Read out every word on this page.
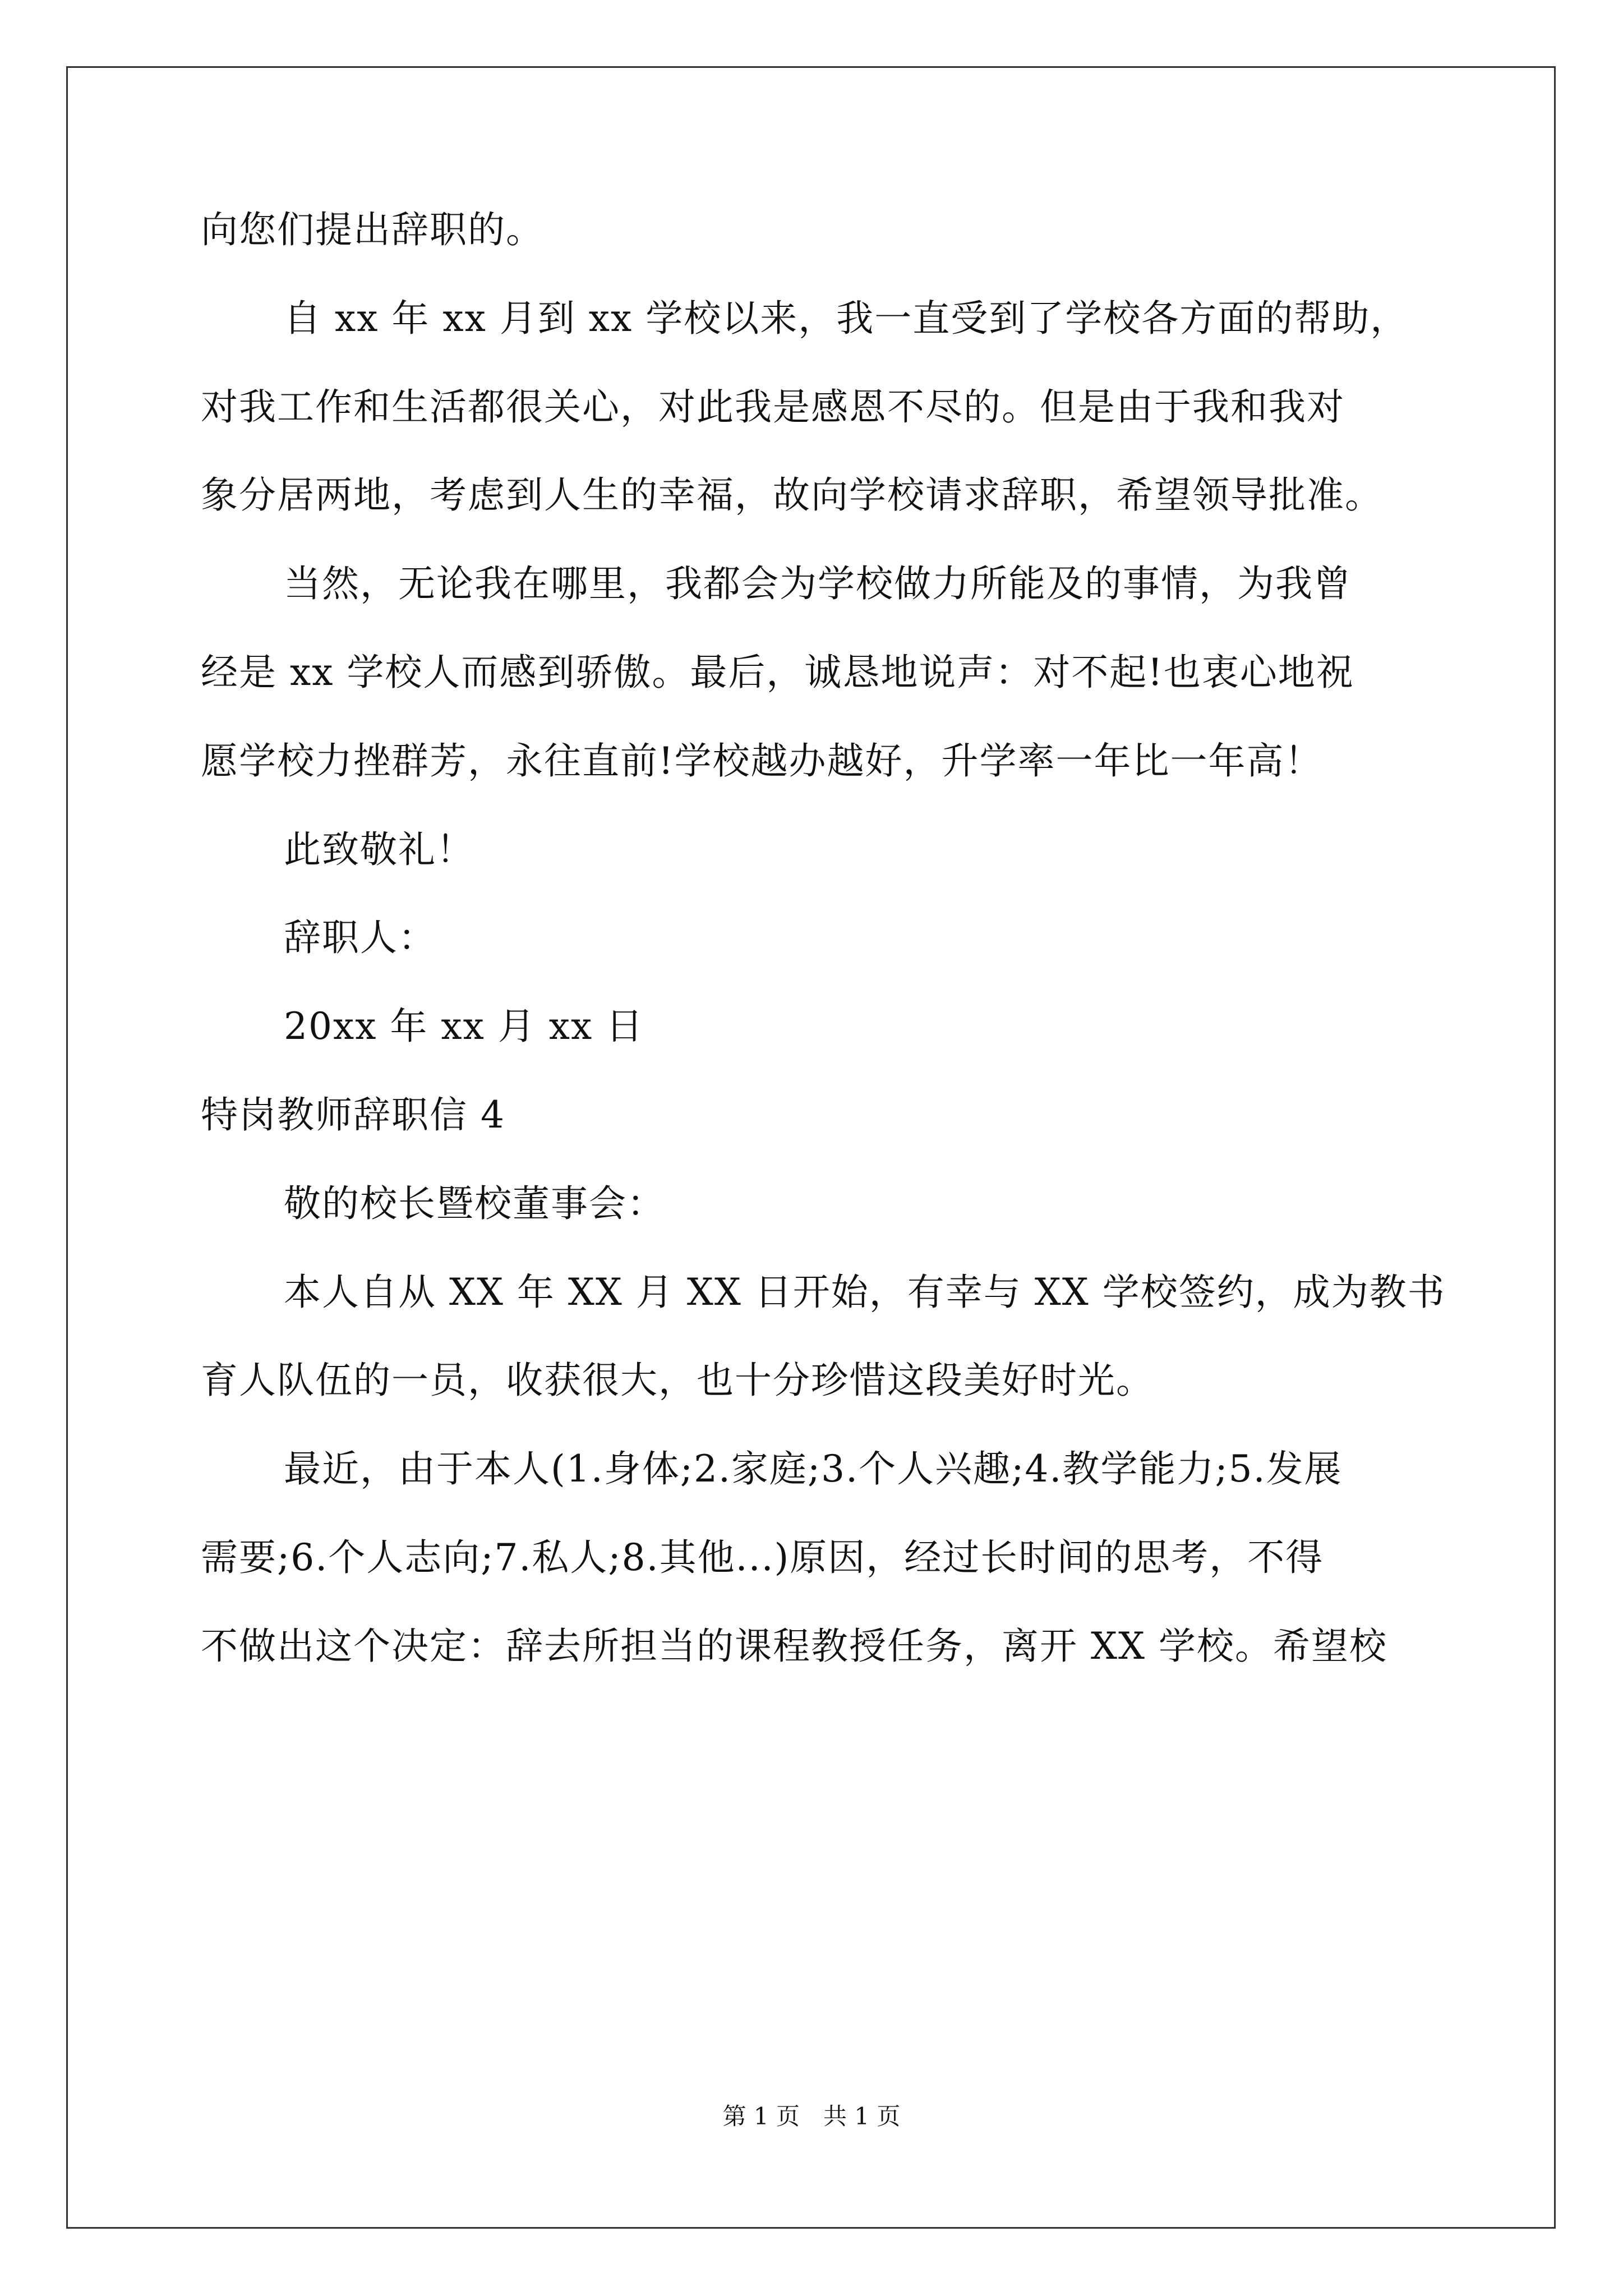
向您们提出辞职的。
自 xx 年 xx 月到 xx 学校以来，我一直受到了学校各方面的帮助，
对我工作和生活都很关心，对此我是感恩不尽的。但是由于我和我对
象分居两地，考虑到人生的幸福，故向学校请求辞职，希望领导批准。
当然，无论我在哪里，我都会为学校做力所能及的事情，为我曾
经是 xx 学校人而感到骄傲。最后，诚恳地说声：对不起!也衷心地祝
愿学校力挫群芳，永往直前!学校越办越好，升学率一年比一年高！
此致敬礼！
辞职人：
20xx 年 xx 月 xx 日
特岗教师辞职信 4
敬的校长暨校董事会：
本人自从 XX 年 XX 月 XX 日开始，有幸与 XX 学校签约，成为教书
育人队伍的一员，收获很大，也十分珍惜这段美好时光。
最近，由于本人(1.身体;2.家庭;3.个人兴趣;4.教学能力;5.发展
需要;6.个人志向;7.私人;8.其他...)原因，经过长时间的思考，不得
不做出这个决定：辞去所担当的课程教授任务，离开 XX 学校。希望校
第 1 页　共 1 页
